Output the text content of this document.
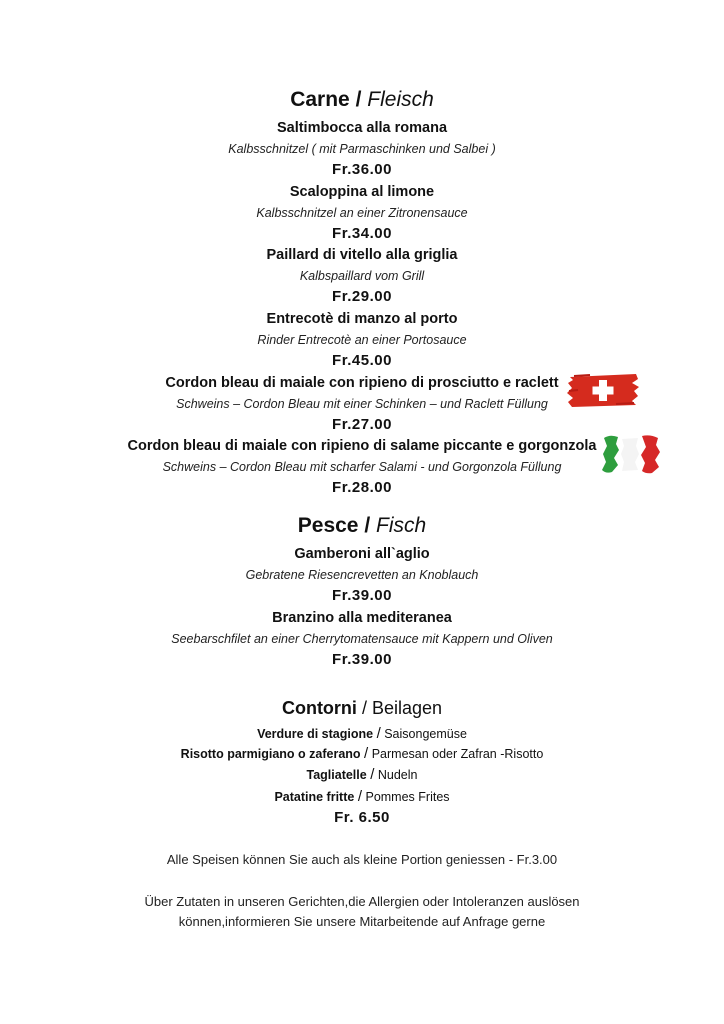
Carne / Fleisch
Saltimbocca alla romana
Kalbsschnitzel ( mit Parmaschinken und Salbei )
Fr.36.00
Scaloppina al limone
Kalbsschnitzel an einer Zitronensauce
Fr.34.00
Paillard di vitello alla griglia
Kalbspaillard vom Grill
Fr.29.00
Entrecotè di manzo al porto
Rinder Entrecotè an einer Portosauce
Fr.45.00
Cordon bleau di maiale con ripieno di prosciutto e raclett
Schweins – Cordon Bleau mit einer Schinken – und Raclett Füllung
Fr.27.00
Cordon bleau di maiale con ripieno di salame piccante e gorgonzola
Schweins – Cordon Bleau mit scharfer Salami - und Gorgonzola Füllung
Fr.28.00
Pesce / Fisch
Gamberoni all`aglio
Gebratene Riesencrevetten an Knoblauch
Fr.39.00
Branzino alla mediteranea
Seebarschfilet an einer Cherrytomatensauce mit Kappern und Oliven
Fr.39.00
Contorni / Beilagen
Verdure di stagione / Saisongemüse
Risotto parmigiano o zaferano / Parmesan oder Zafran -Risotto
Tagliatelle / Nudeln
Patatine fritte / Pommes Frites
Fr. 6.50
Alle Speisen können Sie auch als kleine Portion geniessen - Fr.3.00
Über Zutaten in unseren Gerichten,die Allergien oder Intoleranzen auslösen
können,informieren Sie unsere Mitarbeitende auf Anfrage gerne
